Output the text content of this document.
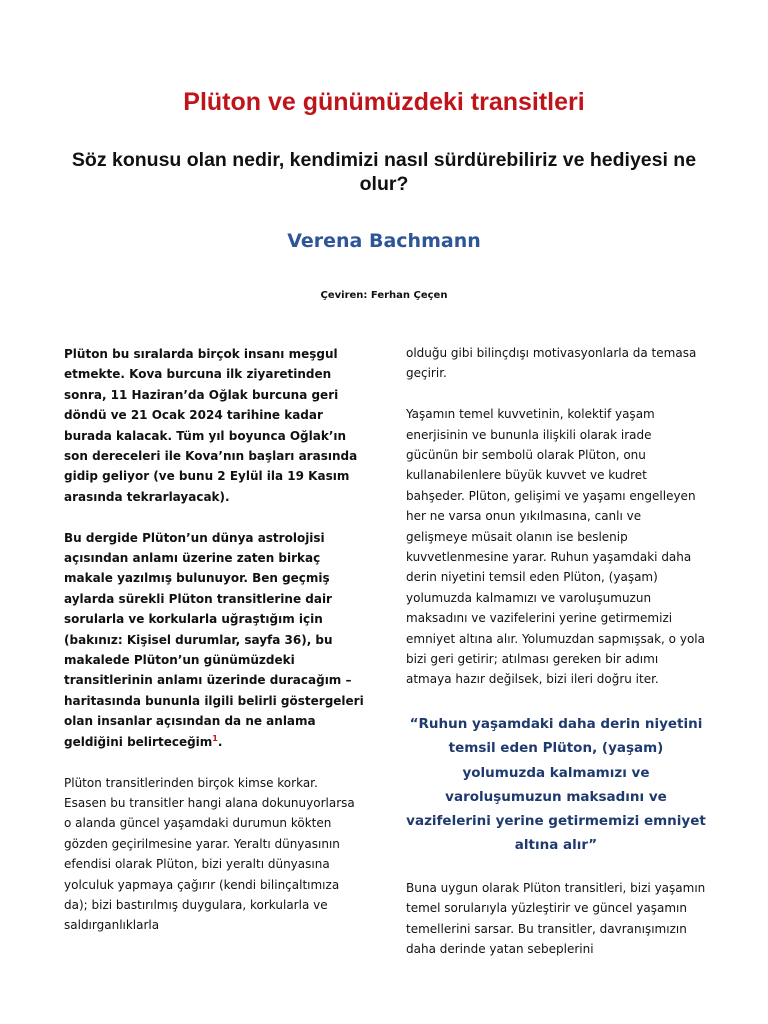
Plüton ve günümüzdeki transitleri
Söz konusu olan nedir, kendimizi nasıl sürdürebiliriz ve hediyesi ne olur?
Verena Bachmann
Çeviren: Ferhan Çeçen

Plüton bu sıralarda birçok insanı meşgul etmekte. Kova burcuna ilk ziyaretinden sonra, 11 Haziran’da Oğlak burcuna geri döndü ve 21 Ocak 2024 tarihine kadar burada kalacak. Tüm yıl boyunca Oğlak’ın son dereceleri ile Kova’nın başları arasında gidip geliyor (ve bunu 2 Eylül ila 19 Kasım arasında tekrarlayacak).

Bu dergide Plüton’un dünya astrolojisi açısından anlamı üzerine zaten birkaç makale yazılmış bulunuyor. Ben geçmiş aylarda sürekli Plüton transitlerine dair sorularla ve korkularla uğraştığım için (bakınız: Kişisel durumlar, sayfa 36), bu makalede Plüton’un günümüzdeki transitlerinin anlamı üzerinde duracağım – haritasında bununla ilgili belirli göstergeleri olan insanlar açısından da ne anlama geldiğini belirteceğim$^1$.

Plüton transitlerinden birçok kimse korkar. Esasen bu transitler hangi alana dokunuyorlarsa o alanda güncel yaşamdaki durumun kökten gözden geçirilmesine yarar. Yeraltı dünyasının efendisi olarak Plüton, bizi yeraltı dünyasına yolculuk yapmaya çağırır (kendi bilinçaltımıza da); bizi bastırılmış duygulara, korkularla ve saldırganlıklarla

olduğu gibi bilinçdışı motivasyonlarla da temasa geçirir.

Yaşamın temel kuvvetinin, kolektif yaşam enerjisinin ve bununla ilişkili olarak irade gücünün bir sembolü olarak Plüton, onu kullanabilenlere büyük kuvvet ve kudret bahşeder. Plüton, gelişimi ve yaşamı engelleyen her ne varsa onun yıkılmasına, canlı ve gelişmeye müsait olanın ise beslenip kuvvetlenmesine yarar. Ruhun yaşamdaki daha derin niyetini temsil eden Plüton, (yaşam) yolumuzda kalmamızı ve varoluşumuzun maksadını ve vazifelerini yerine getirmemizi emniyet altına alır. Yolumuzdan sapmışsak, o yola bizi geri getirir; atılması gereken bir adımı atmaya hazır değilsek, bizi ileri doğru iter.

“Ruhun yaşamdaki daha derin niyetini temsil eden Plüton, (yaşam) yolumuzda kalmamızı ve varoluşumuzun maksadını ve vazifelerini yerine getirmemizi emniyet altına alır”

Buna uygun olarak Plüton transitleri, bizi yaşamın temel sorularıyla yüzleştirir ve güncel yaşamın temellerini sarsar. Bu transitler, davranışımızın daha derinde yatan sebeplerini
